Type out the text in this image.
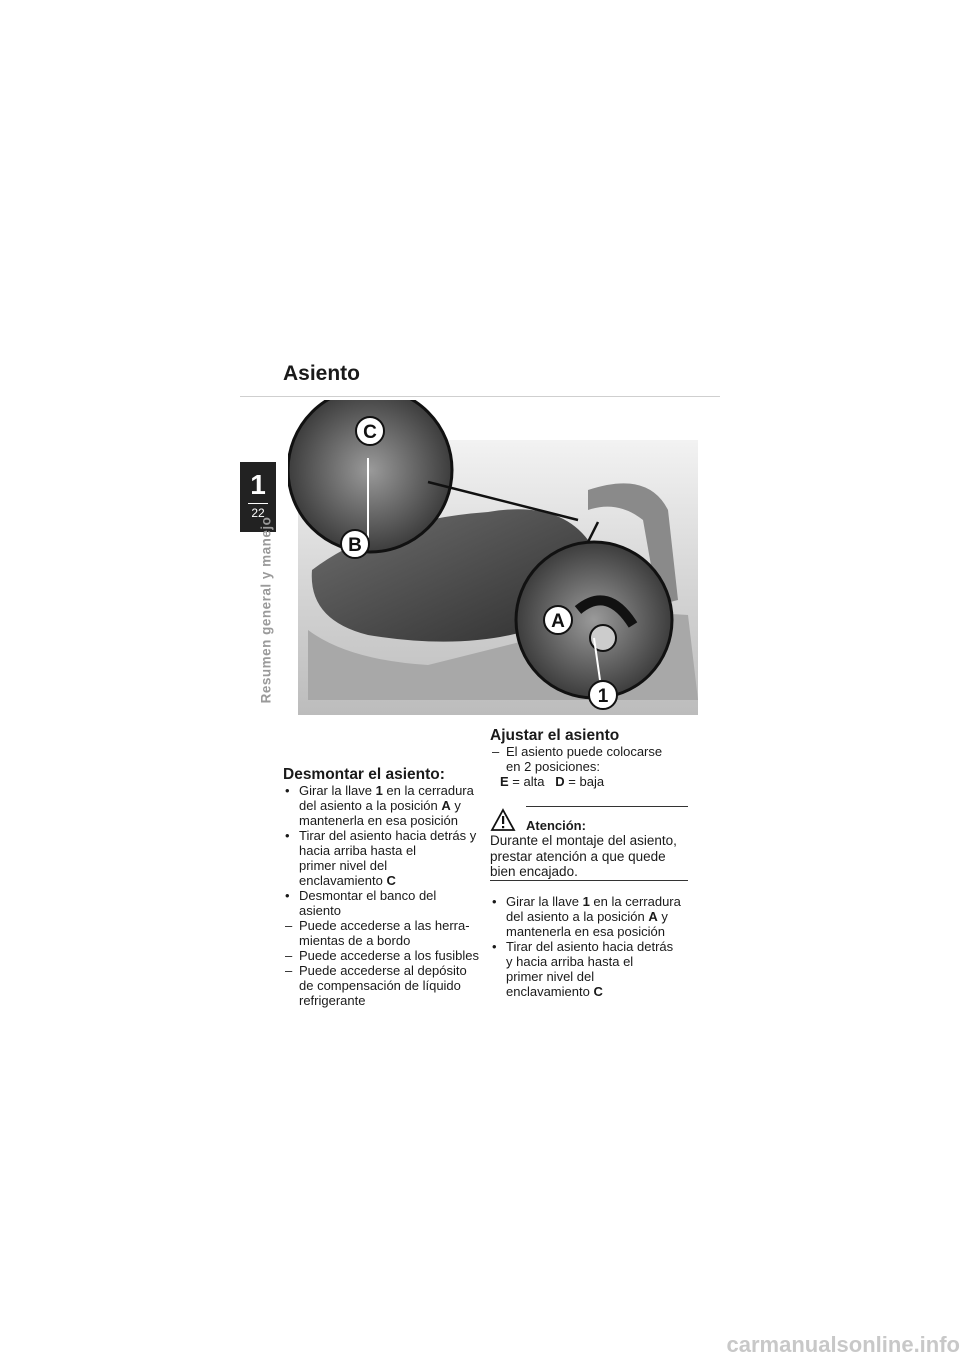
Asiento
1
22
Resumen general y manejo
C
B
A
1
Desmontar el asiento:
• Girar la llave 1 en la cerradura
del asiento a la posición A y
mantenerla en esa posición
• Tirar del asiento hacia detrás y
hacia arriba hasta el
primer nivel del
enclavamiento C
• Desmontar el banco del
asiento
– Puede accederse a las herra-
mientas de a bordo
– Puede accederse a los fusibles
– Puede accederse al depósito
de compensación de líquido
refrigerante
Ajustar el asiento
– El asiento puede colocarse
en 2 posiciones:
E = alta D = baja
Atención:
Durante el montaje del asiento,
prestar atención a que quede
bien encajado.
• Girar la llave 1 en la cerradura
del asiento a la posición A y
mantenerla en esa posición
• Tirar del asiento hacia detrás
y hacia arriba hasta el
primer nivel del
enclavamiento C
carmanualsonline.info
